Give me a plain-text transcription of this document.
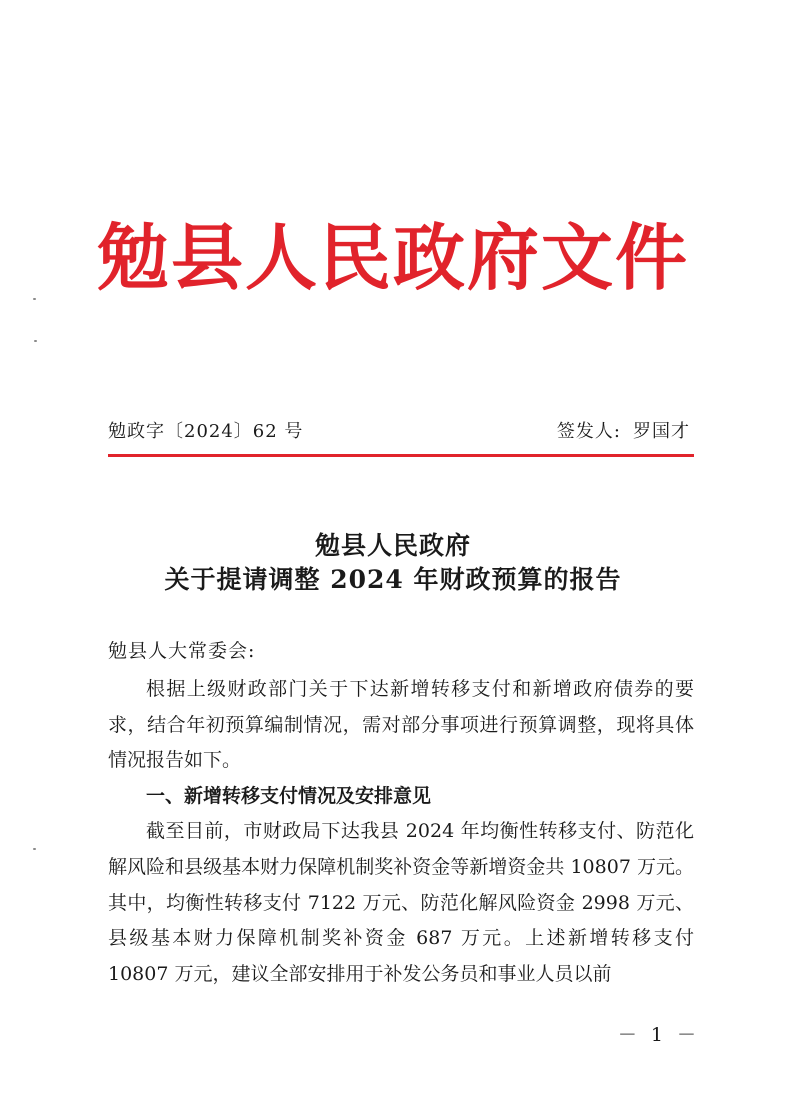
勉县人民政府文件
勉政字〔2024〕62 号	签发人: 罗国才
勉县人民政府
关于提请调整 2024 年财政预算的报告
勉县人大常委会:

根据上级财政部门关于下达新增转移支付和新增政府债券的要求，结合年初预算编制情况，需对部分事项进行预算调整，现将具体情况报告如下。

一、新增转移支付情况及安排意见

截至目前，市财政局下达我县 2024 年均衡性转移支付、防范化解风险和县级基本财力保障机制奖补资金等新增资金共 10807 万元。其中，均衡性转移支付 7122 万元、防范化解风险资金 2998 万元、县级基本财力保障机制奖补资金 687 万元。上述新增转移支付 10807 万元，建议全部安排用于补发公务员和事业人员以前

－ 1 －
